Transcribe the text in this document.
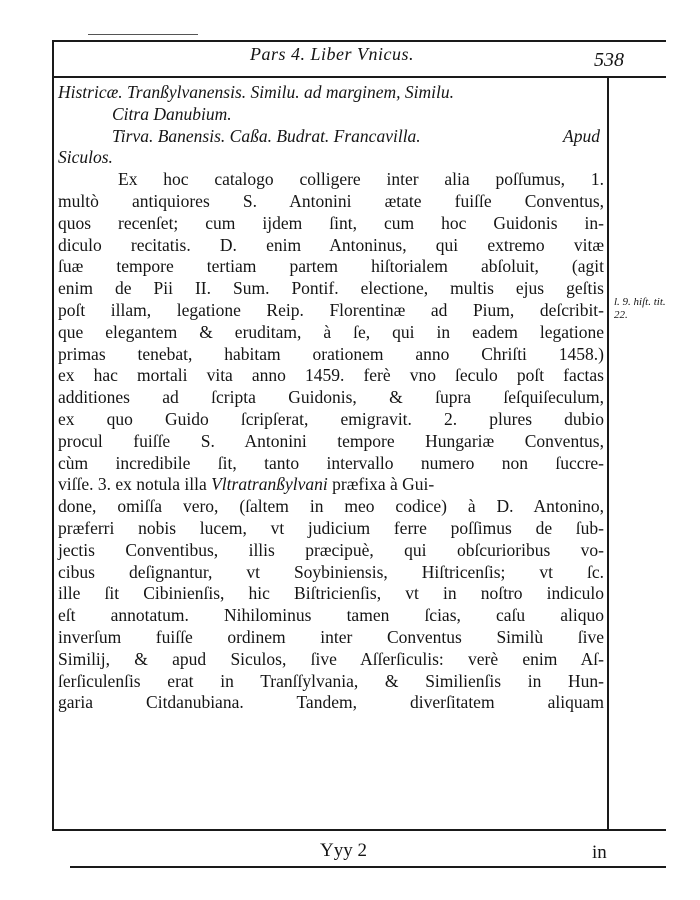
Pars 4. Liber Vnicus.	538
Histricæ. Tranßylvanensis. Similu. ad marginem, Similu.
Citra Danubium.
Tirva. Banensis. Caßa. Budrat. Francavilla.	Apud
Siculos.
Ex hoc catalogo colligere inter alia poſſumus, 1.
multò antiquiores S. Antonini ætate fuiſſe Conventus,
quos recenſet; cum ijdem ſint, cum hoc Guidonis in-
diculo recitatis. D. enim Antoninus, qui extremo vitæ
ſuæ tempore tertiam partem hiſtorialem abſoluit, (agit
enim de Pii II. Sum. Pontif. electione, multis ejus geſtis
poſt illam, legatione Reip. Florentinæ ad Pium, deſcribit-
que elegantem & eruditam, à ſe, qui in eadem legatione
primas tenebat, habitam orationem anno Chriſti 1458.)
ex hac mortali vita anno 1459. ferè vno ſeculo poſt factas
additiones ad ſcripta Guidonis, & ſupra ſeſquiſeculum,
ex quo Guido ſcripſerat, emigravit. 2. plures dubio
procul fuiſſe S. Antonini tempore Hungariæ Conventus,
cùm incredibile ſit, tanto intervallo numero non ſuccre-
viſſe. 3. ex notula illa Vltratranßylvani præfixa à Gui-
done, omiſſa vero, (ſaltem in meo codice) à D. Antonino,
præferri nobis lucem, vt judicium ferre poſſimus de ſub-
jectis Conventibus, illis præcipuè, qui obſcurioribus vo-
cibus deſignantur, vt Soybiniensis, Hiſtricenſis; vt ſc.
ille ſit Cibinienſis, hic Biſtricienſis, vt in noſtro indiculo
eſt annotatum. Nihilominus tamen ſcias, caſu aliquo
inverſum fuiſſe ordinem inter Conventus Similù ſive
Similij, & apud Siculos, ſive Aſſerſiculis: verè enim Aſ-
ſerſiculenſis erat in Tranſſylvania, & Similienſis in Hun-
garia Citdanubiana. Tandem, diverſitatem aliquam
l. 9. hiſt. tit. 22.
Yyy 2	in
